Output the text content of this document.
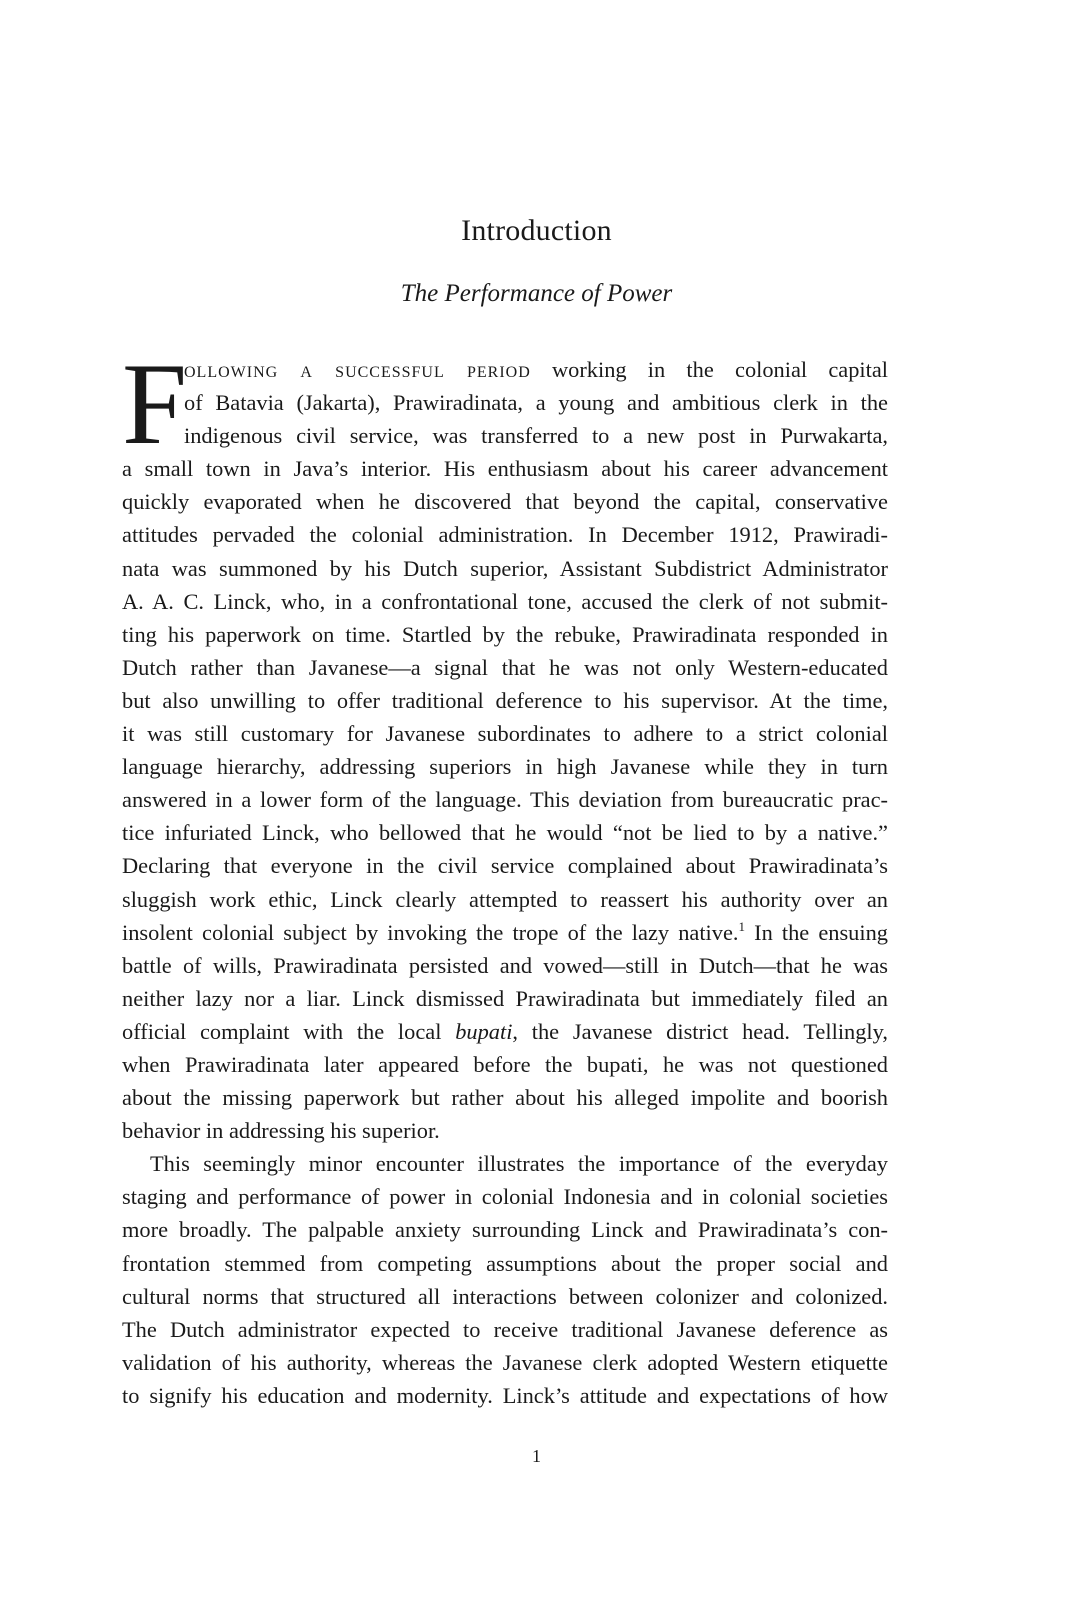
Introduction
The Performance of Power
F
ollowing a successful period working in the colonial capital
of Batavia (Jakarta), Prawiradinata, a young and ambitious clerk in the
indigenous civil service, was transferred to a new post in Purwakarta,
a small town in Java’s interior. His enthusiasm about his career advancement
quickly evaporated when he discovered that beyond the capital, conservative
attitudes pervaded the colonial administration. In December 1912, Prawiradi-
nata was summoned by his Dutch superior, Assistant Subdistrict Administrator
A. A. C. Linck, who, in a confrontational tone, accused the clerk of not submit-
ting his paperwork on time. Startled by the rebuke, Prawiradinata responded in
Dutch rather than Javanese—a signal that he was not only Western-educated
but also unwilling to offer traditional deference to his supervisor. At the time,
it was still customary for Javanese subordinates to adhere to a strict colonial
language hierarchy, addressing superiors in high Javanese while they in turn
answered in a lower form of the language. This deviation from bureaucratic prac-
tice infuriated Linck, who bellowed that he would “not be lied to by a native.”
Declaring that everyone in the civil service complained about Prawiradinata’s
sluggish work ethic, Linck clearly attempted to reassert his authority over an
insolent colonial subject by invoking the trope of the lazy native.$^1$ In the ensuing
battle of wills, Prawiradinata persisted and vowed—still in Dutch—that he was
neither lazy nor a liar. Linck dismissed Prawiradinata but immediately filed an
official complaint with the local bupati, the Javanese district head. Tellingly,
when Prawiradinata later appeared before the bupati, he was not questioned
about the missing paperwork but rather about his alleged impolite and boorish
behavior in addressing his superior.
This seemingly minor encounter illustrates the importance of the everyday
staging and performance of power in colonial Indonesia and in colonial societies
more broadly. The palpable anxiety surrounding Linck and Prawiradinata’s con-
frontation stemmed from competing assumptions about the proper social and
cultural norms that structured all interactions between colonizer and colonized.
The Dutch administrator expected to receive traditional Javanese deference as
validation of his authority, whereas the Javanese clerk adopted Western etiquette
to signify his education and modernity. Linck’s attitude and expectations of how
1
